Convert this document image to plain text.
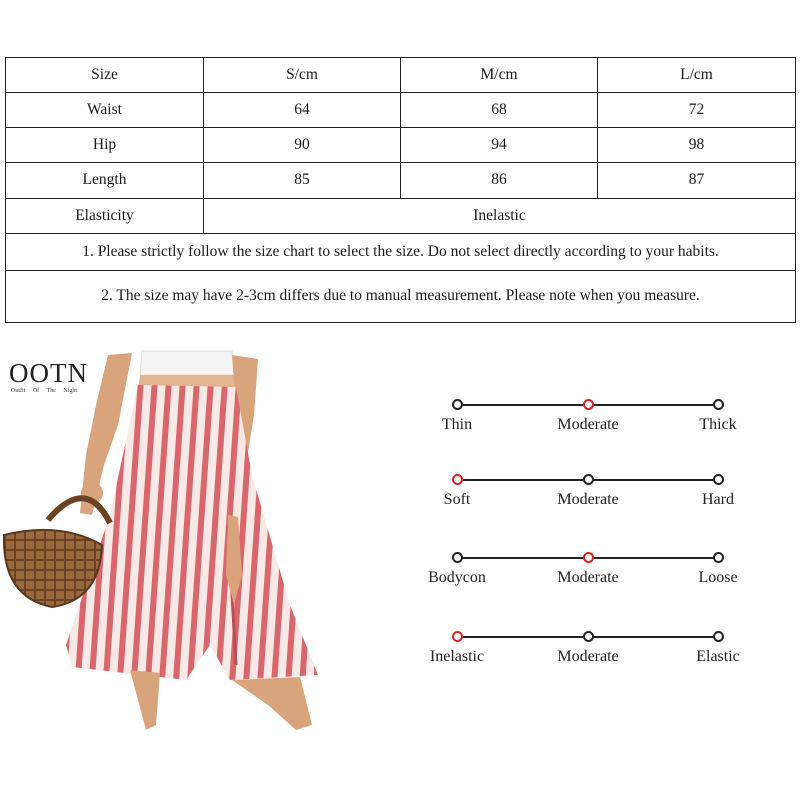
Size	S/cm	M/cm	L/cm
Waist	64	68	72
Hip	90	94	98
Length	85	86	87
Elasticity	Inelastic		
1. Please strictly follow the size chart to select the size. Do not select directly according to your habits.			
2. The size may have 2-3cm differs due to manual measurement. Please note when you measure.			
OOTN
Outfit Of The Night
Thin	Moderate	Thick
Soft	Moderate	Hard
Bodycon	Moderate	Loose
Inelastic	Moderate	Elastic
